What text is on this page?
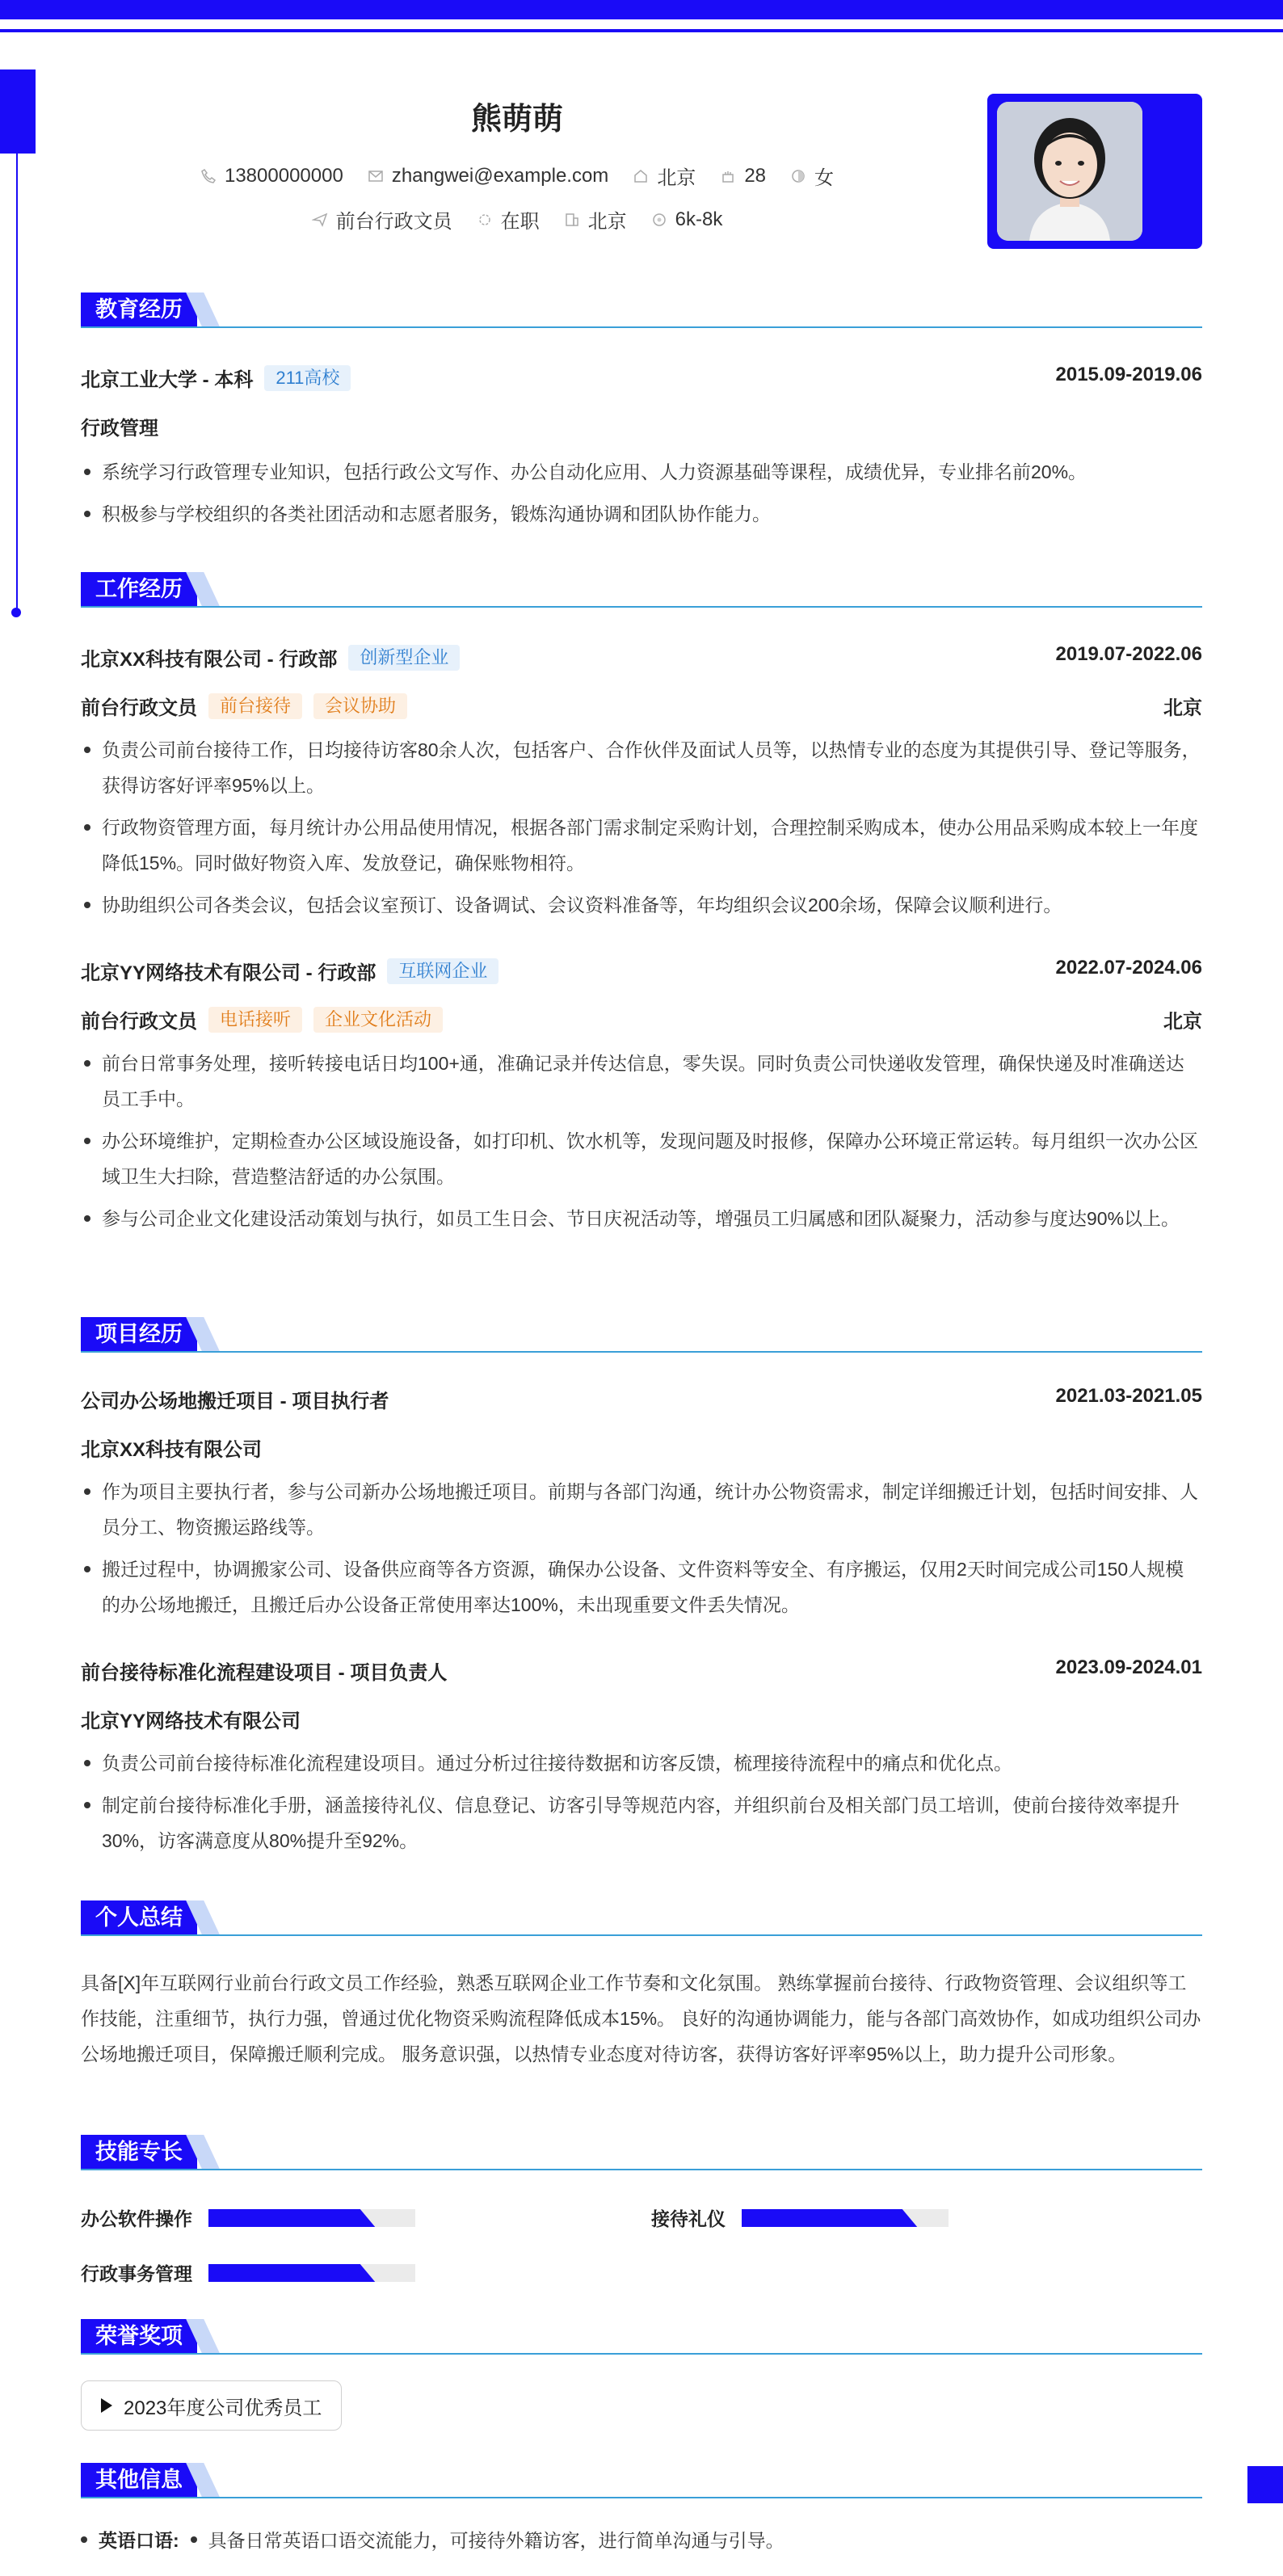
熊萌萌
13800000000	zhangwei@example.com	北京	28	女
前台行政文员	在职	北京	6k-8k
教育经历
北京工业大学 - 本科	211高校	2015.09-2019.06
行政管理
系统学习行政管理专业知识，包括行政公文写作、办公自动化应用、人力资源基础等课程，成绩优异，专业排名前20%。
积极参与学校组织的各类社团活动和志愿者服务，锻炼沟通协调和团队协作能力。
工作经历
北京XX科技有限公司 - 行政部	创新型企业	2019.07-2022.06
前台行政文员	前台接待	会议协助	北京
负责公司前台接待工作，日均接待访客80余人次，包括客户、合作伙伴及面试人员等，以热情专业的态度为其提供引导、登记等服务，获得访客好评率95%以上。
行政物资管理方面，每月统计办公用品使用情况，根据各部门需求制定采购计划，合理控制采购成本，使办公用品采购成本较上一年度降低15%。同时做好物资入库、发放登记，确保账物相符。
协助组织公司各类会议，包括会议室预订、设备调试、会议资料准备等，年均组织会议200余场，保障会议顺利进行。
北京YY网络技术有限公司 - 行政部	互联网企业	2022.07-2024.06
前台行政文员	电话接听	企业文化活动	北京
前台日常事务处理，接听转接电话日均100+通，准确记录并传达信息，零失误。同时负责公司快递收发管理，确保快递及时准确送达员工手中。
办公环境维护，定期检查办公区域设施设备，如打印机、饮水机等，发现问题及时报修，保障办公环境正常运转。每月组织一次办公区域卫生大扫除，营造整洁舒适的办公氛围。
参与公司企业文化建设活动策划与执行，如员工生日会、节日庆祝活动等，增强员工归属感和团队凝聚力，活动参与度达90%以上。
项目经历
公司办公场地搬迁项目 - 项目执行者	2021.03-2021.05
北京XX科技有限公司
作为项目主要执行者，参与公司新办公场地搬迁项目。前期与各部门沟通，统计办公物资需求，制定详细搬迁计划，包括时间安排、人员分工、物资搬运路线等。
搬迁过程中，协调搬家公司、设备供应商等各方资源，确保办公设备、文件资料等安全、有序搬运，仅用2天时间完成公司150人规模的办公场地搬迁，且搬迁后办公设备正常使用率达100%，未出现重要文件丢失情况。
前台接待标准化流程建设项目 - 项目负责人	2023.09-2024.01
北京YY网络技术有限公司
负责公司前台接待标准化流程建设项目。通过分析过往接待数据和访客反馈，梳理接待流程中的痛点和优化点。
制定前台接待标准化手册，涵盖接待礼仪、信息登记、访客引导等规范内容，并组织前台及相关部门员工培训，使前台接待效率提升30%，访客满意度从80%提升至92%。
个人总结
具备[X]年互联网行业前台行政文员工作经验，熟悉互联网企业工作节奏和文化氛围。 熟练掌握前台接待、行政物资管理、会议组织等工作技能，注重细节，执行力强，曾通过优化物资采购流程降低成本15%。 良好的沟通协调能力，能与各部门高效协作，如成功组织公司办公场地搬迁项目，保障搬迁顺利完成。 服务意识强，以热情专业态度对待访客，获得访客好评率95%以上，助力提升公司形象。
技能专长
办公软件操作	接待礼仪
行政事务管理
荣誉奖项
2023年度公司优秀员工
其他信息
英语口语: 具备日常英语口语交流能力，可接待外籍访客，进行简单沟通与引导。
